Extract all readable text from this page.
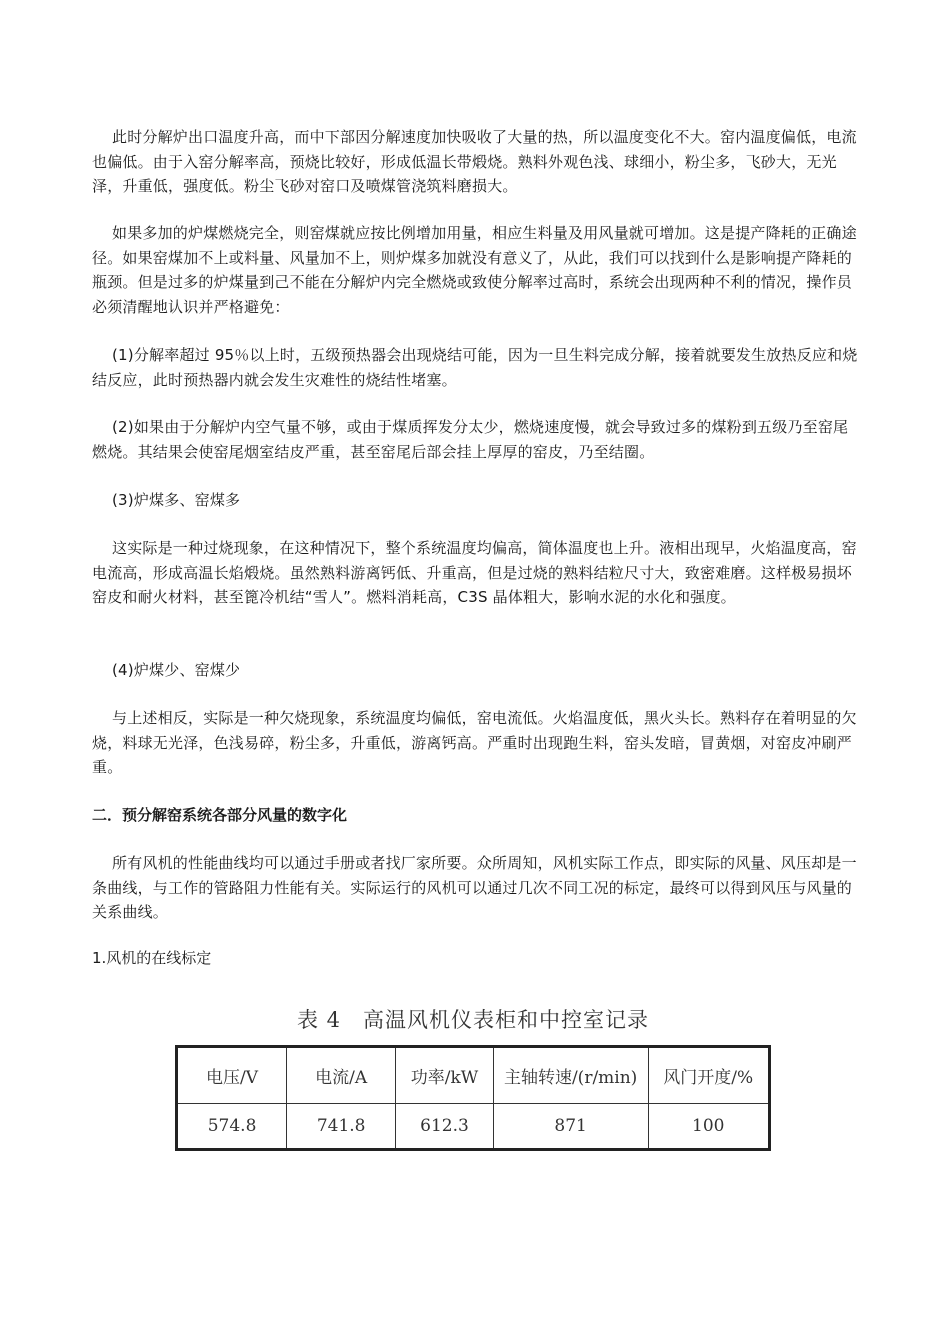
此时分解炉出口温度升高，而中下部因分解速度加快吸收了大量的热，所以温度变化不大。窑内温度偏低，电流也偏低。由于入窑分解率高，预烧比较好，形成低温长带煅烧。熟料外观色浅、球细小，粉尘多，飞砂大，无光泽，升重低，强度低。粉尘飞砂对窑口及喷煤管浇筑料磨损大。

如果多加的炉煤燃烧完全，则窑煤就应按比例增加用量，相应生料量及用风量就可增加。这是提产降耗的正确途径。如果窑煤加不上或料量、风量加不上，则炉煤多加就没有意义了，从此，我们可以找到什么是影响提产降耗的瓶颈。但是过多的炉煤量到己不能在分解炉内完全燃烧或致使分解率过高时，系统会出现两种不利的情况，操作员必须清醒地认识并严格避免：

(1)分解率超过 95％以上时，五级预热器会出现烧结可能，因为一旦生料完成分解，接着就要发生放热反应和烧结反应，此时预热器内就会发生灾难性的烧结性堵塞。

(2)如果由于分解炉内空气量不够，或由于煤质挥发分太少，燃烧速度慢，就会导致过多的煤粉到五级乃至窑尾燃烧。其结果会使窑尾烟室结皮严重，甚至窑尾后部会挂上厚厚的窑皮，乃至结圈。

(3)炉煤多、窑煤多

这实际是一种过烧现象，在这种情况下，整个系统温度均偏高，简体温度也上升。液相出现早，火焰温度高，窑电流高，形成高温长焰煅烧。虽然熟料游离钙低、升重高，但是过烧的熟料结粒尺寸大，致密难磨。这样极易损坏窑皮和耐火材料，甚至篦冷机结“雪人”。燃料消耗高，C3S 晶体粗大，影响水泥的水化和强度。

(4)炉煤少、窑煤少

与上述相反，实际是一种欠烧现象，系统温度均偏低，窑电流低。火焰温度低，黑火头长。熟料存在着明显的欠烧，料球无光泽，色浅易碎，粉尘多，升重低，游离钙高。严重时出现跑生料，窑头发暗，冒黄烟，对窑皮冲刷严重。

二．预分解窑系统各部分风量的数字化

所有风机的性能曲线均可以通过手册或者找厂家所要。众所周知，风机实际工作点，即实际的风量、风压却是一条曲线，与工作的管路阻力性能有关。实际运行的风机可以通过几次不同工况的标定，最终可以得到风压与风量的关系曲线。

1.风机的在线标定

表 4　高温风机仪表柜和中控室记录
电压/V	电流/A	功率/kW	主轴转速/(r/min)	风门开度/%
574.8	741.8	612.3	871	100
